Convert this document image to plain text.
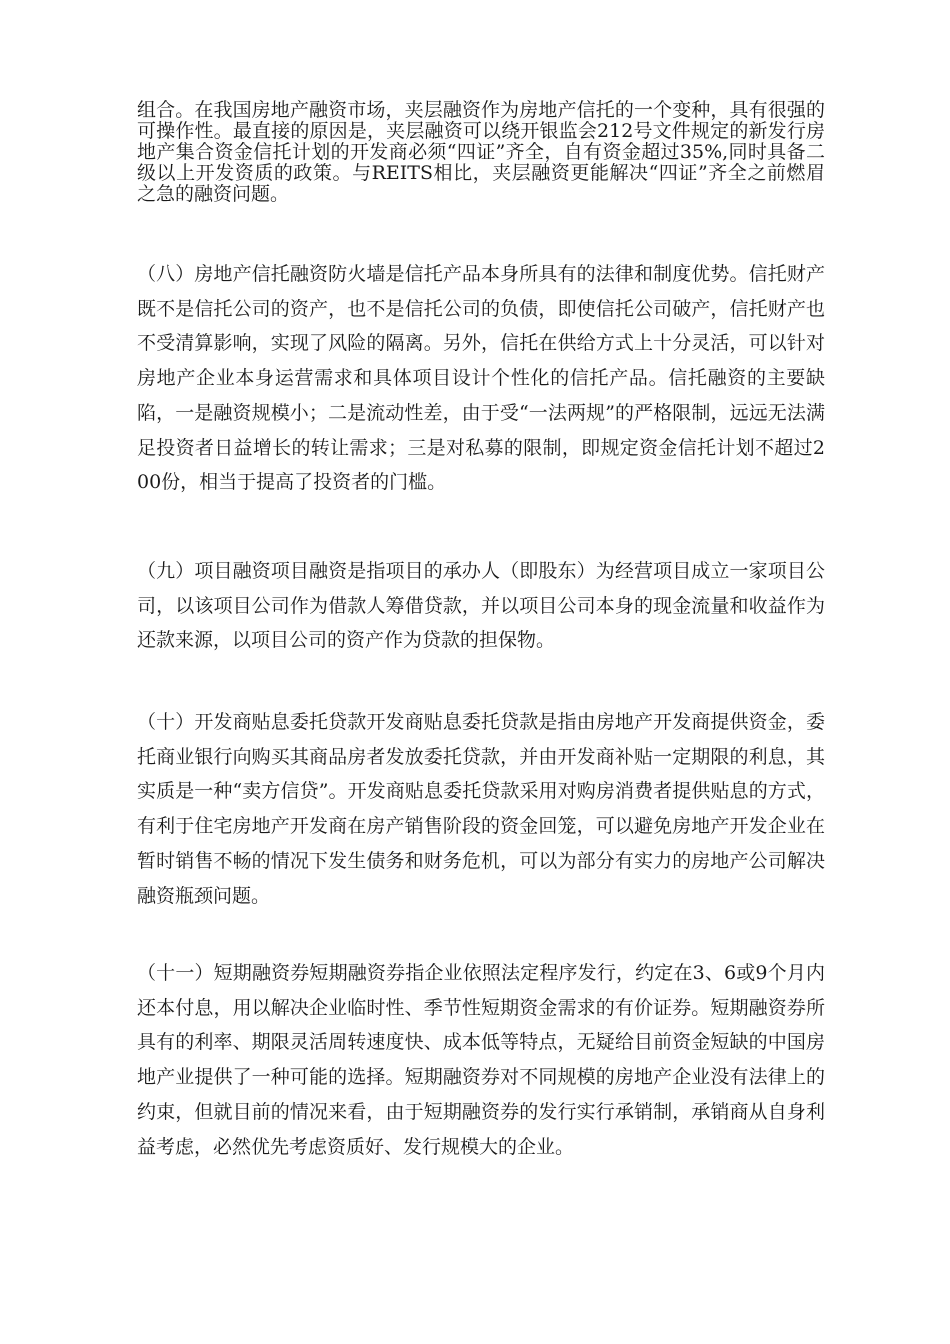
组合。在我国房地产融资市场，夹层融资作为房地产信托的一个变种，具有很强的可操作性。最直接的原因是，夹层融资可以绕开银监会212号文件规定的新发行房地产集合资金信托计划的开发商必须“四证”齐全，自有资金超过35%,同时具备二级以上开发资质的政策。与REITS相比，夹层融资更能解决“四证”齐全之前燃眉之急的融资问题。

（八）房地产信托融资防火墙是信托产品本身所具有的法律和制度优势。信托财产既不是信托公司的资产，也不是信托公司的负债，即使信托公司破产，信托财产也不受清算影响，实现了风险的隔离。另外，信托在供给方式上十分灵活，可以针对房地产企业本身运营需求和具体项目设计个性化的信托产品。信托融资的主要缺陷，一是融资规模小；二是流动性差，由于受“一法两规”的严格限制，远远无法满足投资者日益增长的转让需求；三是对私募的限制，即规定资金信托计划不超过200份，相当于提高了投资者的门槛。

（九）项目融资项目融资是指项目的承办人（即股东）为经营项目成立一家项目公司，以该项目公司作为借款人筹借贷款，并以项目公司本身的现金流量和收益作为还款来源，以项目公司的资产作为贷款的担保物。

（十）开发商贴息委托贷款开发商贴息委托贷款是指由房地产开发商提供资金，委托商业银行向购买其商品房者发放委托贷款，并由开发商补贴一定期限的利息，其实质是一种“卖方信贷”。开发商贴息委托贷款采用对购房消费者提供贴息的方式，有利于住宅房地产开发商在房产销售阶段的资金回笼，可以避免房地产开发企业在暂时销售不畅的情况下发生债务和财务危机，可以为部分有实力的房地产公司解决融资瓶颈问题。

（十一）短期融资券短期融资券指企业依照法定程序发行，约定在3、6或9个月内还本付息，用以解决企业临时性、季节性短期资金需求的有价证券。短期融资券所具有的利率、期限灵活周转速度快、成本低等特点，无疑给目前资金短缺的中国房地产业提供了一种可能的选择。短期融资券对不同规模的房地产企业没有法律上的约束，但就目前的情况来看，由于短期融资券的发行实行承销制，承销商从自身利益考虑，必然优先考虑资质好、发行规模大的企业。
